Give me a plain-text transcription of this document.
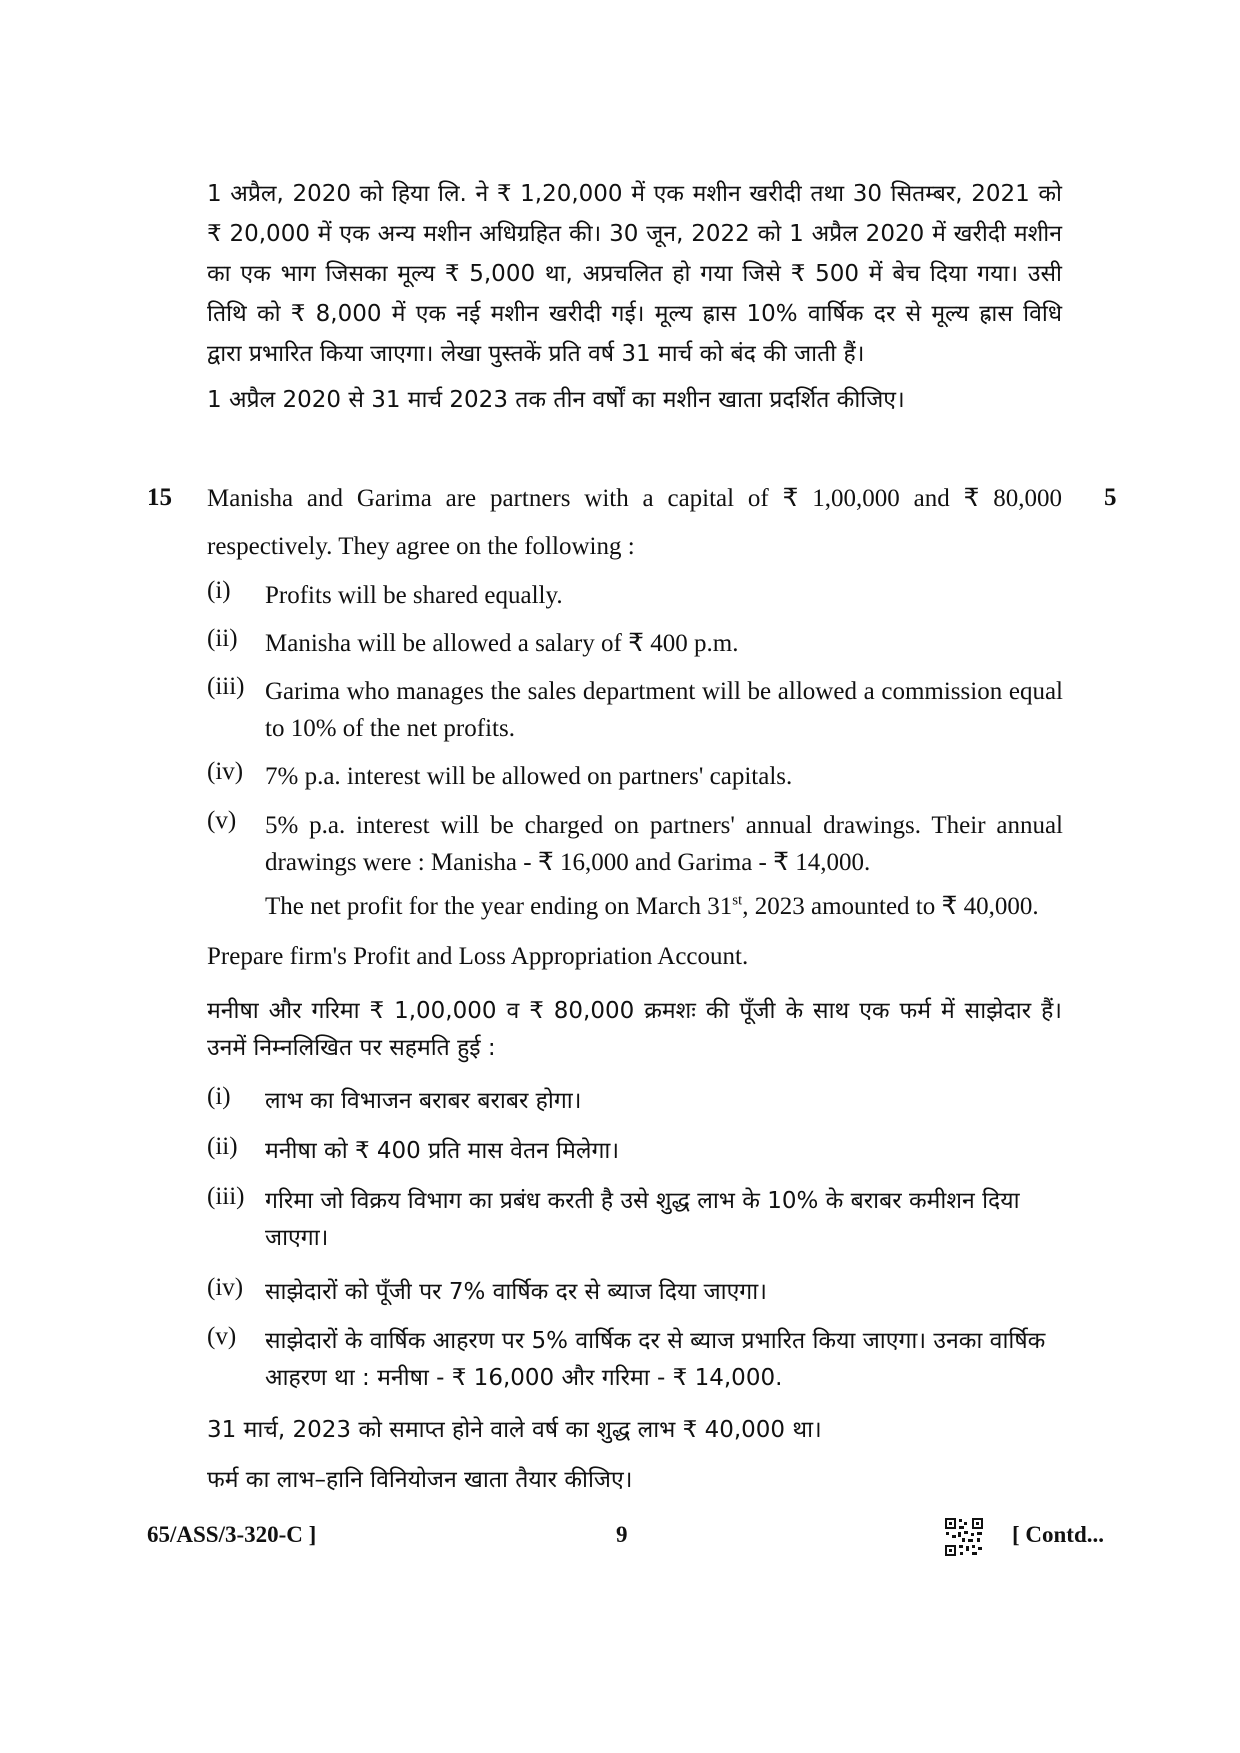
1 अप्रैल, 2020 को हिया लि. ने ₹ 1,20,000 में एक मशीन खरीदी तथा 30 सितम्बर, 2021 को
₹ 20,000 में एक अन्य मशीन अधिग्रहित की। 30 जून, 2022 को 1 अप्रैल 2020 में खरीदी मशीन
का एक भाग जिसका मूल्य ₹ 5,000 था, अप्रचलित हो गया जिसे ₹ 500 में बेच दिया गया। उसी
तिथि को ₹ 8,000 में एक नई मशीन खरीदी गई। मूल्य ह्रास 10% वार्षिक दर से मूल्य ह्रास विधि
द्वारा प्रभारित किया जाएगा। लेखा पुस्तकें प्रति वर्ष 31 मार्च को बंद की जाती हैं।
1 अप्रैल 2020 से 31 मार्च 2023 तक तीन वर्षों का मशीन खाता प्रदर्शित कीजिए।
15	5
Manisha and Garima are partners with a capital of ₹ 1,00,000 and ₹ 80,000
respectively. They agree on the following :
(i) Profits will be shared equally.
(ii) Manisha will be allowed a salary of ₹ 400 p.m.
(iii) Garima who manages the sales department will be allowed a commission equal to 10% of the net profits.
(iv) 7% p.a. interest will be allowed on partners' capitals.
(v) 5% p.a. interest will be charged on partners' annual drawings. Their annual drawings were : Manisha - ₹ 16,000 and Garima - ₹ 14,000.
The net profit for the year ending on March 31st, 2023 amounted to ₹ 40,000.
Prepare firm's Profit and Loss Appropriation Account.
मनीषा और गरिमा ₹ 1,00,000 व ₹ 80,000 क्रमशः की पूँजी के साथ एक फर्म में साझेदार हैं।
उनमें निम्नलिखित पर सहमति हुई :
(i) लाभ का विभाजन बराबर बराबर होगा।
(ii) मनीषा को ₹ 400 प्रति मास वेतन मिलेगा।
(iii) गरिमा जो विक्रय विभाग का प्रबंध करती है उसे शुद्ध लाभ के 10% के बराबर कमीशन दिया जाएगा।
(iv) साझेदारों को पूँजी पर 7% वार्षिक दर से ब्याज दिया जाएगा।
(v) साझेदारों के वार्षिक आहरण पर 5% वार्षिक दर से ब्याज प्रभारित किया जाएगा। उनका वार्षिक आहरण था : मनीषा - ₹ 16,000 और गरिमा - ₹ 14,000.
31 मार्च, 2023 को समाप्त होने वाले वर्ष का शुद्ध लाभ ₹ 40,000 था।
फर्म का लाभ–हानि विनियोजन खाता तैयार कीजिए।
65/ASS/3-320-C ]	9	[ Contd...
